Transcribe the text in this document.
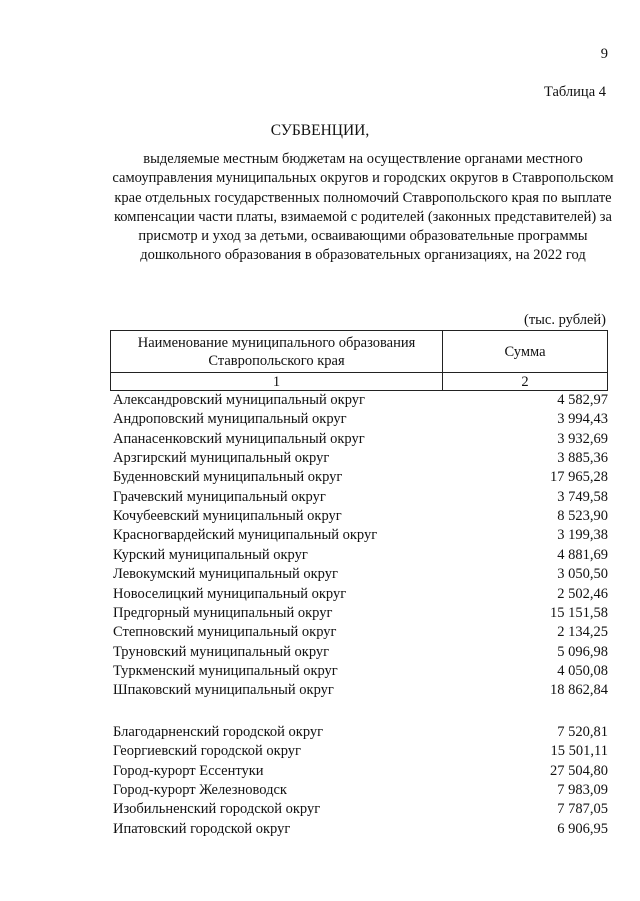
9
Таблица 4
СУБВЕНЦИИ,
выделяемые местным бюджетам на осуществление органами местного самоуправления муниципальных округов и городских округов в Ставропольском крае отдельных государственных полномочий Ставропольского края по выплате компенсации части платы, взимаемой с родителей (законных представителей) за присмотр и уход за детьми, осваивающими образовательные программы дошкольного образования в образовательных организациях, на 2022 год
(тыс. рублей)
Наименование муниципального образования Ставропольского края	Сумма
1	2
Александровский муниципальный округ	4 582,97
Андроповский муниципальный округ	3 994,43
Апанасенковский муниципальный округ	3 932,69
Арзгирский муниципальный округ	3 885,36
Буденновский муниципальный округ	17 965,28
Грачевский муниципальный округ	3 749,58
Кочубеевский муниципальный округ	8 523,90
Красногвардейский муниципальный округ	3 199,38
Курский муниципальный округ	4 881,69
Левокумский муниципальный округ	3 050,50
Новоселицкий муниципальный округ	2 502,46
Предгорный муниципальный округ	15 151,58
Степновский муниципальный округ	2 134,25
Труновский муниципальный округ	5 096,98
Туркменский муниципальный округ	4 050,08
Шпаковский муниципальный округ	18 862,84
Благодарненский городской округ	7 520,81
Георгиевский городской округ	15 501,11
Город-курорт Ессентуки	27 504,80
Город-курорт Железноводск	7 983,09
Изобильненский городской округ	7 787,05
Ипатовский городской округ	6 906,95
